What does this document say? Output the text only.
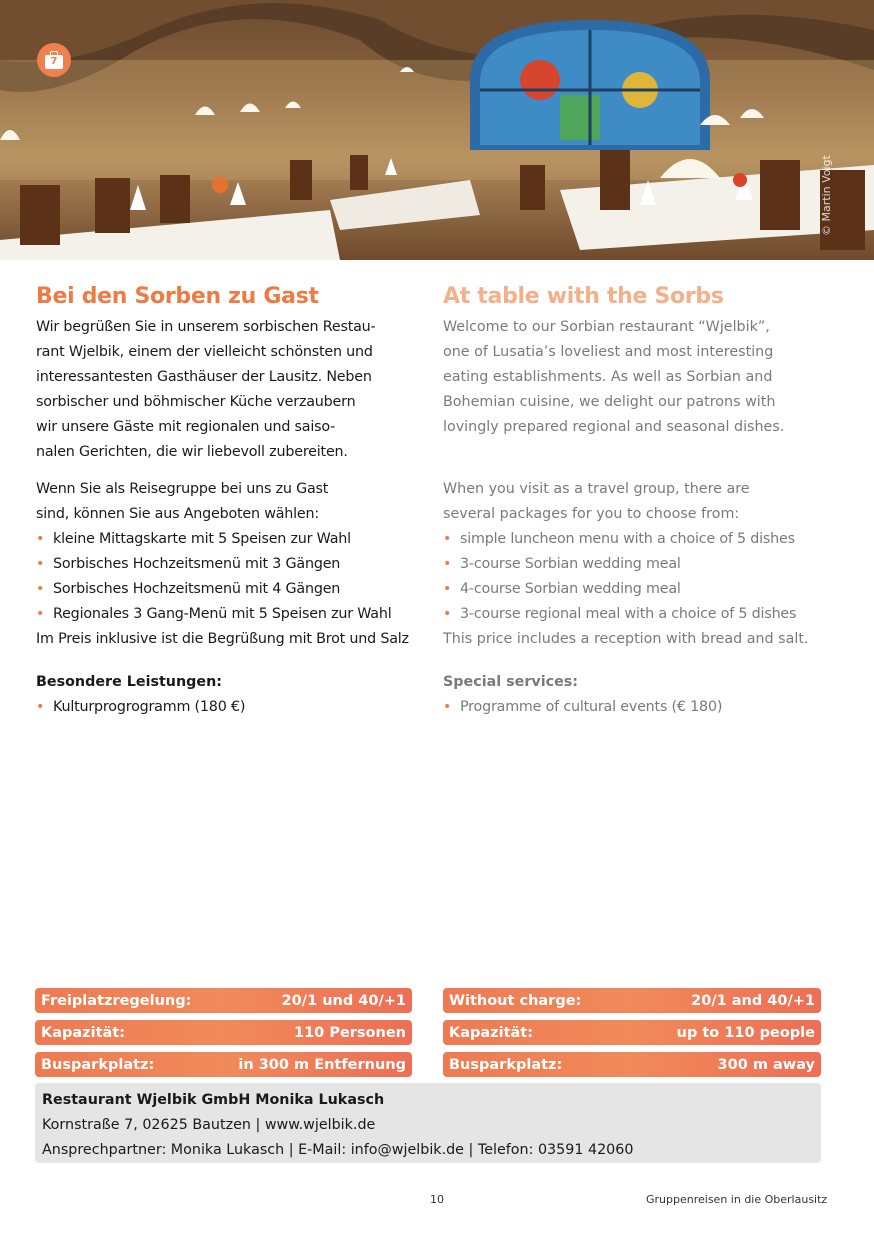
7
© Martin Voigt
Bei den Sorben zu Gast

Wir begrüßen Sie in unserem sorbischen Restau-
rant Wjelbik, einem der vielleicht schönsten und
interessantesten Gasthäuser der Lausitz. Neben
sorbischer und böhmischer Küche verzaubern
wir unsere Gäste mit regionalen und saiso-
nalen Gerichten, die wir liebevoll zubereiten.

Wenn Sie als Reisegruppe bei uns zu Gast
sind, können Sie aus Angeboten wählen:

• kleine Mittagskarte mit 5 Speisen zur Wahl
• Sorbisches Hochzeitsmenü mit 3 Gängen
• Sorbisches Hochzeitsmenü mit 4 Gängen
• Regionales 3 Gang-Menü mit 5 Speisen zur Wahl

Im Preis inklusive ist die Begrüßung mit Brot und Salz

Besondere Leistungen:
• Kulturprogrogramm (180 €)
At table with the Sorbs

Welcome to our Sorbian restaurant “Wjelbik”,
one of Lusatia’s loveliest and most interesting
eating establishments. As well as Sorbian and
Bohemian cuisine, we delight our patrons with
lovingly prepared regional and seasonal dishes.

When you visit as a travel group, there are
several packages for you to choose from:

• simple luncheon menu with a choice of 5 dishes
• 3-course Sorbian wedding meal
• 4-course Sorbian wedding meal
• 3-course regional meal with a choice of 5 dishes

This price includes a reception with bread and salt.

Special services:
• Programme of cultural events (€ 180)
Freiplatzregelung:	20/1 und 40/+1
Kapazität:	110 Personen
Busparkplatz:	in 300 m Entfernung
Without charge:	20/1 and 40/+1
Kapazität:	up to 110 people
Busparkplatz:	300 m away
Restaurant Wjelbik GmbH Monika Lukasch
Kornstraße 7, 02625 Bautzen | www.wjelbik.de
Ansprechpartner: Monika Lukasch | E-Mail: info@wjelbik.de | Telefon: 03591 42060
10	Gruppenreisen in die Oberlausitz
